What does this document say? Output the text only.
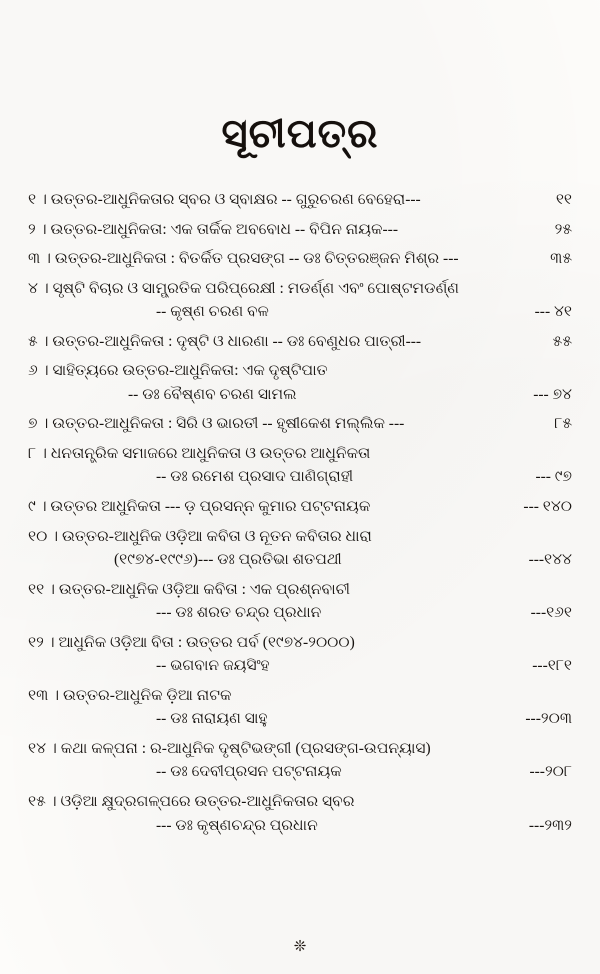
ସୂଚୀପତ୍ର
୧ । ଉତ୍ତର-ଆଧୁନିକତାର ସ୍ବର ଓ ସ୍ବାକ୍ଷର -- ଗୁରୁଚରଣ ବେହେରା---	୧୧
୨ । ଉତ୍ତର-ଆଧୁନିକତା: ଏକ ତାର୍କିକ ଅବବୋଧ -- ବିପିନ ନାୟକ---	୨୫
୩ । ଉତ୍ତର-ଆଧୁନିକତା : ବିତର୍କିତ ପ୍ରସଙ୍ଗ -- ଡଃ ଚିତ୍ତରଞ୍ଜନ ମିଶ୍ର ---	୩୫
୪ । ସୃଷ୍ଟି ବିଚାର ଓ ସାମ୍ପ୍ରତିକ ପରିପ୍ରେକ୍ଷୀ : ମଡର୍ଣ୍ଣ ଏବଂ ପୋଷ୍ଟମଡର୍ଣ୍ଣ
-- କୃଷ୍ଣ ଚରଣ ବଳ	--- ୪୧
୫ । ଉତ୍ତର-ଆଧୁନିକତା : ଦୃଷ୍ଟି ଓ ଧାରଣା -- ଡଃ ବେଣୁଧର ପାତ୍ରୀ---	୫୫
୬ । ସାହିତ୍ୟରେ ଉତ୍ତର-ଆଧୁନିକତା: ଏକ ଦୃଷ୍ଟିପାତ
-- ଡଃ ବୈଷ୍ଣବ ଚରଣ ସାମଲ	--- ୭୪
୭ । ଉତ୍ତର-ଆଧୁନିକତା : ସିରି ଓ ଭାରତୀ -- ହୃଷୀକେଶ ମଲ୍ଲିକ ---	୮୫
୮ । ଧନତାନ୍ତ୍ରିକ ସମାଜରେ ଆଧୁନିକତା ଓ ଉତ୍ତର ଆଧୁନିକତା
-- ଡଃ ରମେଶ ପ୍ରସାଦ ପାଣିଗ୍ରାହୀ	--- ୯୭
୯ । ଉତ୍ତର ଆଧୁନିକତା --- ଡ଼ ପ୍ରସନ୍ନ କୁମାର ପଟ୍ଟନାୟକ	--- ୧୪୦
୧୦ । ଉତ୍ତର-ଆଧୁନିକ ଓଡ଼ିଆ କବିତା ଓ ନୂତନ କବିତାର ଧାରା
(୧୯୭୪-୧୯୯୬)--- ଡଃ ପ୍ରତିଭା ଶତପଥୀ	---୧୪୪
୧୧ । ଉତ୍ତର-ଆଧୁନିକ ଓଡ଼ିଆ କବିତା : ଏକ ପ୍ରଶ୍ନବାଚୀ
--- ଡଃ ଶରତ ଚନ୍ଦ୍ର ପ୍ରଧାନ	---୧୬୧
୧୨ । ଆଧୁନିକ ଓଡ଼ିଆ ବିତା : ଉତ୍ତର ପର୍ବ (୧୯୭୪-୨୦୦୦)
-- ଭଗବାନ ଜୟସିଂହ	---୧୮୧
୧୩ । ଉତ୍ତର-ଆଧୁନିକ ଡ଼ିଆ ନାଟକ
-- ଡଃ ନାରାୟଣ ସାହୁ	---୨୦୩
୧୪ । କଥା କଳ୍ପନା : ର-ଆଧୁନିକ ଦୃଷ୍ଟିଭଙ୍ଗୀ (ପ୍ରସଙ୍ଗ-ଉପନ୍ୟାସ)
-- ଡଃ ଦେବୀପ୍ରସନ ପଟ୍ଟନାୟକ	---୨୦୮
୧୫ । ଓଡ଼ିଆ କ୍ଷୁଦ୍ରଗଳ୍ପରେ ଉତ୍ତର-ଆଧୁନିକତାର ସ୍ବର
--- ଡଃ କୃଷ୍ଣଚନ୍ଦ୍ର ପ୍ରଧାନ	---୨୩୨
❊
